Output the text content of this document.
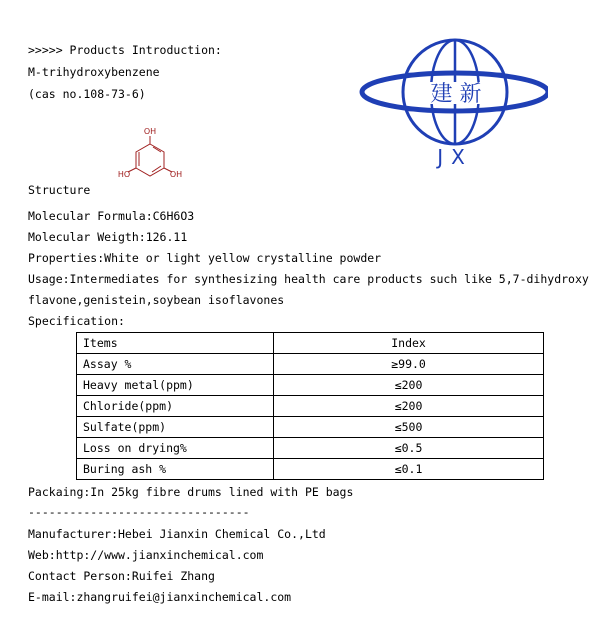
>>>>> Products Introduction:
M-trihydroxybenzene
(cas no.108-73-6)	建 新
JX
OH
HO	OH
Structure
Molecular Formula:C6H6O3
Molecular Weigth:126.11
Properties:White or light yellow crystalline powder
Usage:Intermediates for synthesizing health care products such like 5,7-dihydroxy
flavone,genistein,soybean isoflavones
Specification:
Items	Index
Assay %	≥99.0
Heavy metal(ppm)	≤200
Chloride(ppm)	≤200
Sulfate(ppm)	≤500
Loss on drying%	≤0.5
Buring ash %	≤0.1
Packaing:In 25kg fibre drums lined with PE bags
--------------------------------
Manufacturer:Hebei Jianxin Chemical Co.,Ltd
Web:http://www.jianxinchemical.com
Contact Person:Ruifei Zhang
E-mail:zhangruifei@jianxinchemical.com
